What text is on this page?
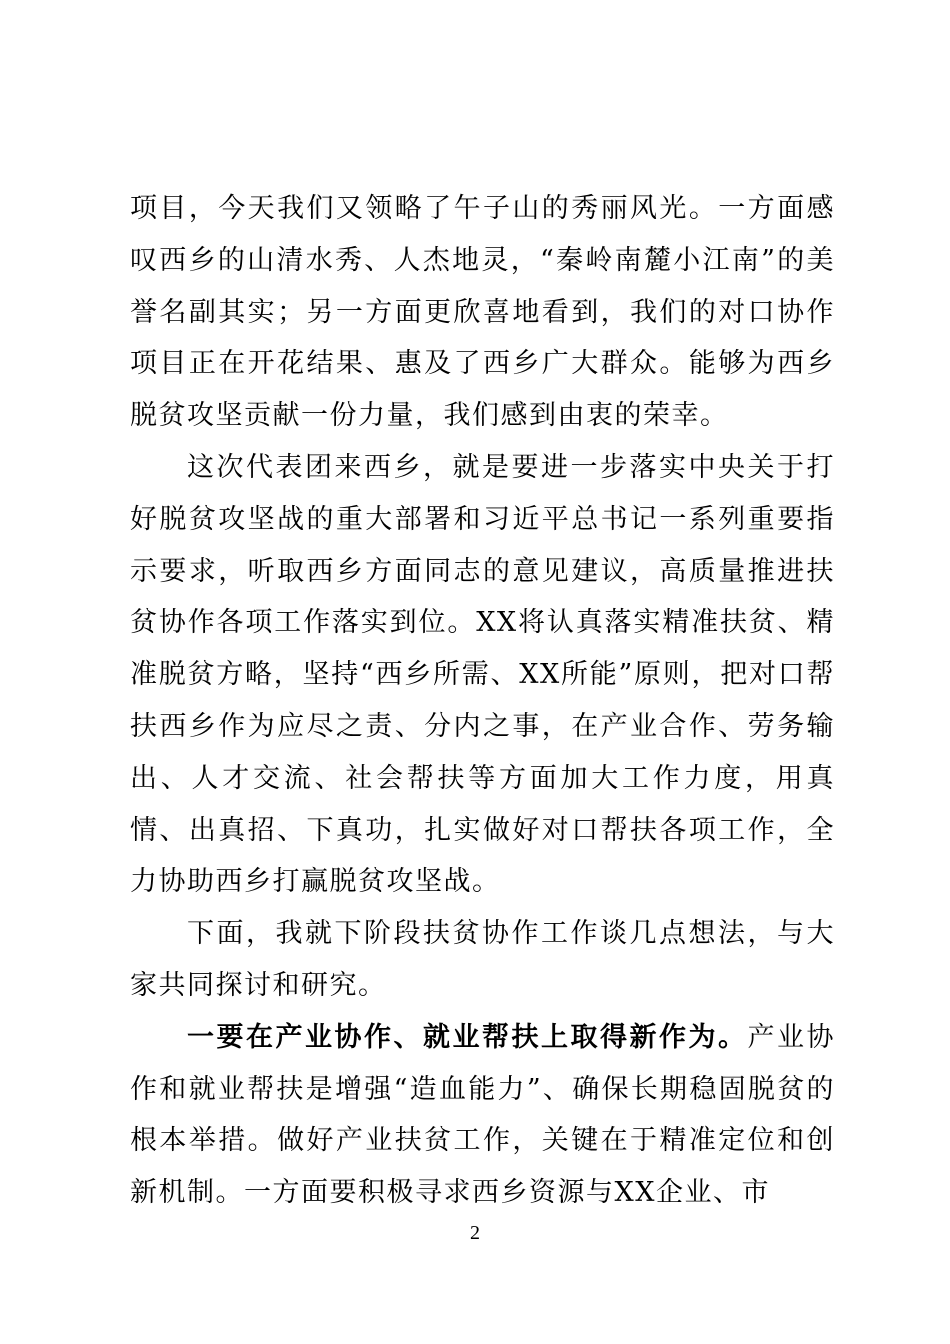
项目，今天我们又领略了午子山的秀丽风光。一方面感叹西乡的山清水秀、人杰地灵，“秦岭南麓小江南”的美誉名副其实；另一方面更欣喜地看到，我们的对口协作项目正在开花结果、惠及了西乡广大群众。能够为西乡脱贫攻坚贡献一份力量，我们感到由衷的荣幸。

这次代表团来西乡，就是要进一步落实中央关于打好脱贫攻坚战的重大部署和习近平总书记一系列重要指示要求，听取西乡方面同志的意见建议，高质量推进扶贫协作各项工作落实到位。XX将认真落实精准扶贫、精准脱贫方略，坚持“西乡所需、XX所能”原则，把对口帮扶西乡作为应尽之责、分内之事，在产业合作、劳务输出、人才交流、社会帮扶等方面加大工作力度，用真情、出真招、下真功，扎实做好对口帮扶各项工作，全力协助西乡打赢脱贫攻坚战。

下面，我就下阶段扶贫协作工作谈几点想法，与大家共同探讨和研究。

一要在产业协作、就业帮扶上取得新作为。产业协作和就业帮扶是增强“造血能力”、确保长期稳固脱贫的根本举措。做好产业扶贫工作，关键在于精准定位和创新机制。一方面要积极寻求西乡资源与XX企业、市

2
